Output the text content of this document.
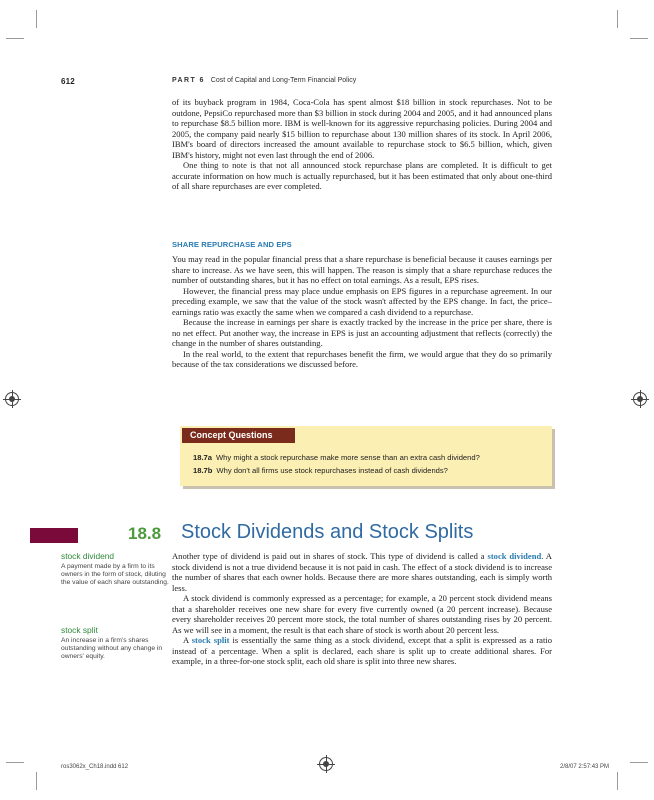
612	PART 6 Cost of Capital and Long-Term Financial Policy

of its buyback program in 1984, Coca-Cola has spent almost $18 billion in stock repurchases. Not to be outdone, PepsiCo repurchased more than $3 billion in stock during 2004 and 2005, and it had announced plans to repurchase $8.5 billion more. IBM is well-known for its aggressive repurchasing policies. During 2004 and 2005, the company paid nearly $15 billion to repurchase about 130 million shares of its stock. In April 2006, IBM's board of directors increased the amount available to repurchase stock to $6.5 billion, which, given IBM's history, might not even last through the end of 2006.

One thing to note is that not all announced stock repurchase plans are completed. It is difficult to get accurate information on how much is actually repurchased, but it has been estimated that only about one-third of all share repurchases are ever completed.

SHARE REPURCHASE AND EPS

You may read in the popular financial press that a share repurchase is beneficial because it causes earnings per share to increase. As we have seen, this will happen. The reason is simply that a share repurchase reduces the number of outstanding shares, but it has no effect on total earnings. As a result, EPS rises.

However, the financial press may place undue emphasis on EPS figures in a repurchase agreement. In our preceding example, we saw that the value of the stock wasn't affected by the EPS change. In fact, the price–earnings ratio was exactly the same when we compared a cash dividend to a repurchase.

Because the increase in earnings per share is exactly tracked by the increase in the price per share, there is no net effect. Put another way, the increase in EPS is just an accounting adjustment that reflects (correctly) the change in the number of shares outstanding.

In the real world, to the extent that repurchases benefit the firm, we would argue that they do so primarily because of the tax considerations we discussed before.

Concept Questions
18.7a Why might a stock repurchase make more sense than an extra cash dividend?
18.7b Why don't all firms use stock repurchases instead of cash dividends?
18.8 Stock Dividends and Stock Splits
stock dividend
A payment made by a firm to its owners in the form of stock, diluting the value of each share outstanding.
stock split
An increase in a firm's shares outstanding without any change in owners' equity.

Another type of dividend is paid out in shares of stock. This type of dividend is called a stock dividend. A stock dividend is not a true dividend because it is not paid in cash. The effect of a stock dividend is to increase the number of shares that each owner holds. Because there are more shares outstanding, each is simply worth less.

A stock dividend is commonly expressed as a percentage; for example, a 20 percent stock dividend means that a shareholder receives one new share for every five currently owned (a 20 percent increase). Because every shareholder receives 20 percent more stock, the total number of shares outstanding rises by 20 percent. As we will see in a moment, the result is that each share of stock is worth about 20 percent less.

A stock split is essentially the same thing as a stock dividend, except that a split is expressed as a ratio instead of a percentage. When a split is declared, each share is split up to create additional shares. For example, in a three-for-one stock split, each old share is split into three new shares.

ros3062x_Ch18.indd 612	2/8/07 2:57:43 PM
